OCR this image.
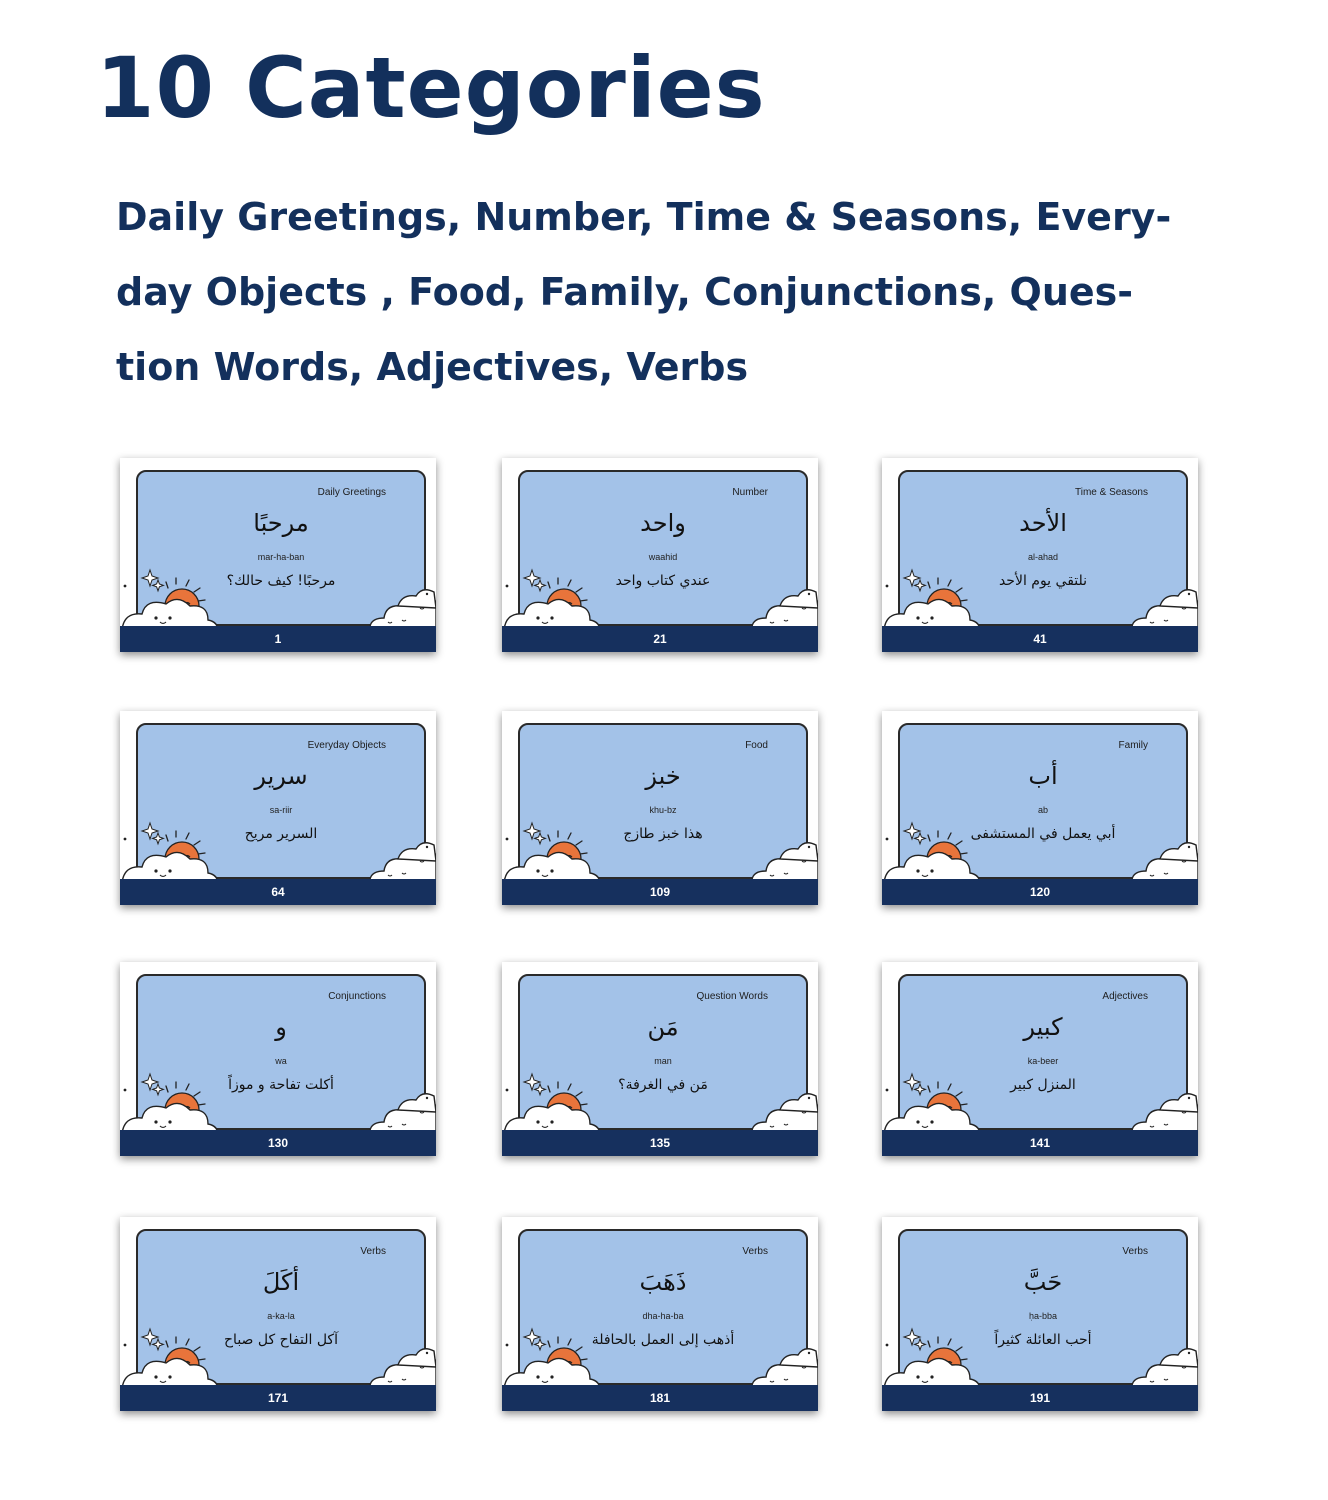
10 Categories
Daily Greetings, Number, Time & Seasons, Every-
day Objects , Food, Family, Conjunctions, Ques-
tion Words, Adjectives, Verbs
Daily Greetings
مرحبًا
mar-ha-ban
مرحبًا! كيف حالك؟
1
Number
واحد
waahid
عندي كتاب واحد
21
Time & Seasons
الأحد
al-ahad
نلتقي يوم الأحد
41
Everyday Objects
سرير
sa-riir
السرير مريح
64
Food
خبز
khu-bz
هذا خبز طازج
109
Family
أب
ab
أبي يعمل في المستشفى
120
Conjunctions
و
wa
أكلت تفاحة و موزاً
130
Question Words
مَن
man
مَن في الغرفة؟
135
Adjectives
كبير
ka-beer
المنزل كبير
141
Verbs
أكَلَ
a-ka-la
آكل التفاح كل صباح
171
Verbs
ذَهَبَ
dha-ha-ba
أذهب إلى العمل بالحافلة
181
Verbs
حَبَّ
ḥa-bba
أحب العائلة كثيراً
191
